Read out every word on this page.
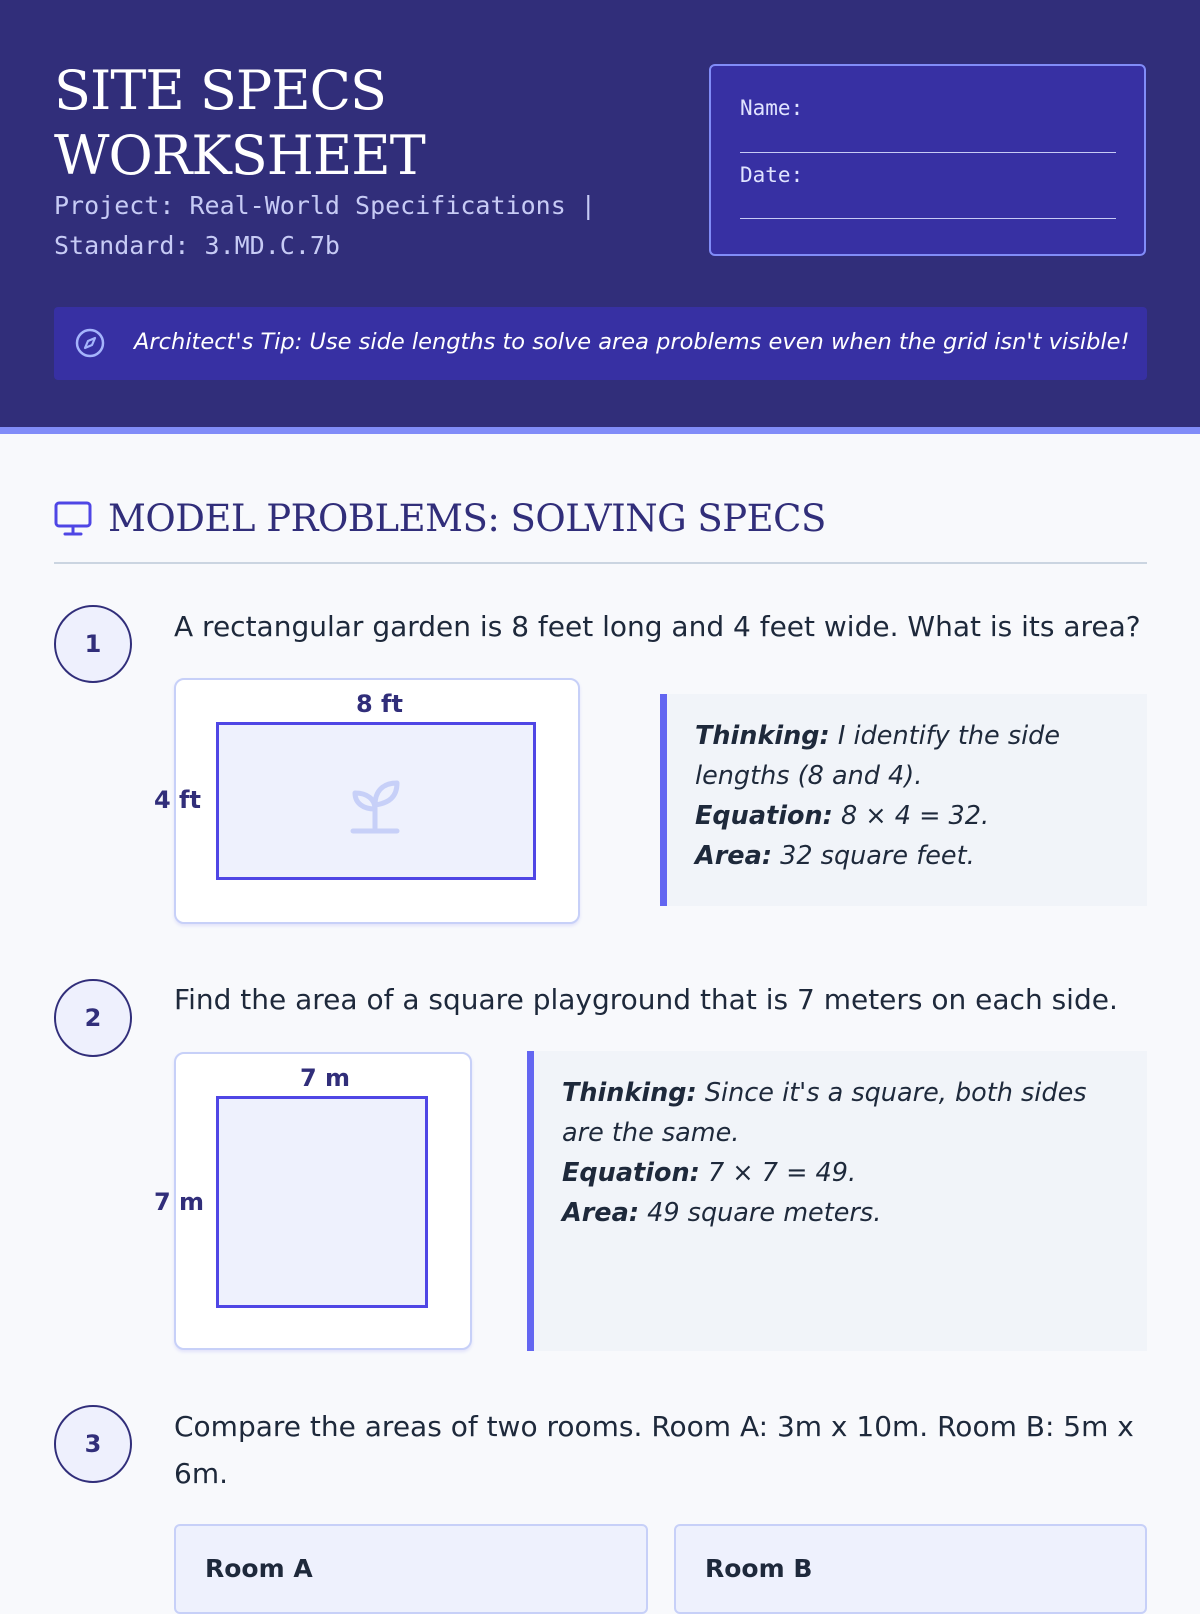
SITE SPECS
WORKSHEET
Project: Real-World Specifications |
Standard: 3.MD.C.7b
Name:
Date:
Architect's Tip: Use side lengths to solve area problems even when the grid isn't visible!
MODEL PROBLEMS: SOLVING SPECS
1

A rectangular garden is 8 feet long and 4 feet wide. What is its area?

8 ft
4 ft

Thinking: I identify the side lengths (8 and 4).

Equation: 8 × 4 = 32.

Area: 32 square feet.

2

Find the area of a square playground that is 7 meters on each side.

7 m
7 m

Thinking: Since it's a square, both sides are the same.

Equation: 7 × 7 = 49.

Area: 49 square meters.

3

Compare the areas of two rooms. Room A: 3m x 10m. Room B: 5m x 6m.

Room A	Room B
